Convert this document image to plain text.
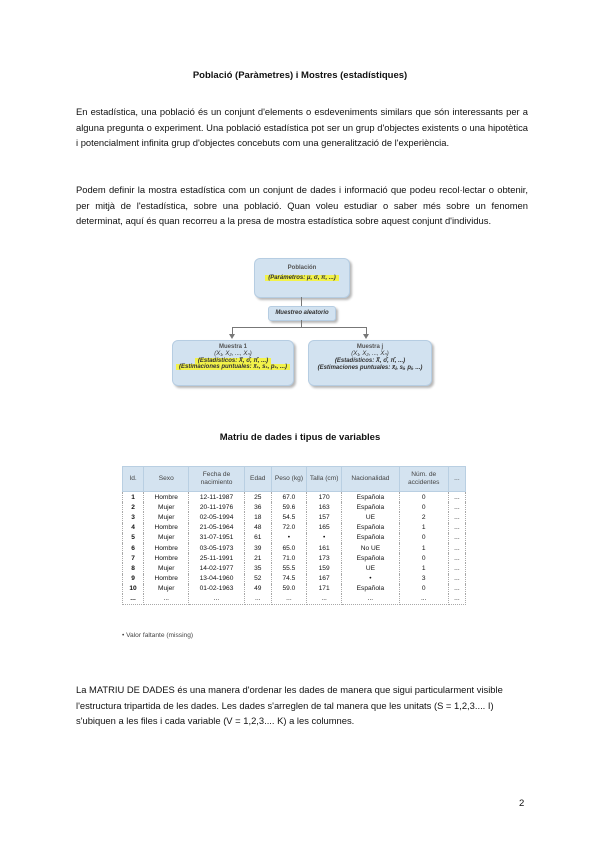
Població (Paràmetres) i Mostres (estadístiques)
En estadística, una població és un conjunt d'elements o esdeveniments similars que són interessants per a alguna pregunta o experiment. Una població estadística pot ser un grup d'objectes existents o una hipotètica i potencialment infinita grup d'objectes concebuts com una generalització de l'experiència.
Podem definir la mostra estadística com un conjunt de dades i informació que podeu recol·lectar o obtenir, per mitjà de l'estadística, sobre una població. Quan voleu estudiar o saber més sobre un fenomen determinat, aquí és quan recorreu a la presa de mostra estadística sobre aquest conjunt d'individus.
Población
(Parámetros: μ, σ, π, ...)
Muestreo aleatorio
Muestra 1
(X₁, X₂, ..., Xₙ)
(Estadísticos: X̄, σ̂, π̂, ...)
(Estimaciones puntuales: x̄₁, s₁, p₁, ...)
Muestra j
(X₁, X₂, ..., Xₙ)
(Estadísticos: X̄, σ̂, π̂, ...)
(Estimaciones puntuales: x̄ⱼ, sⱼ, pⱼ, ...)
Matriu de dades i tipus de variables
Id.	Sexo	Fecha de nacimiento	Edad	Peso (kg)	Talla (cm)	Nacionalidad	Núm. de accidentes	...
1	Hombre	12-11-1987	25	67.0	170	Española	0	...
2	Mujer	20-11-1976	36	59.6	163	Española	0	...
3	Mujer	02-05-1994	18	54.5	157	UE	2	...
4	Hombre	21-05-1964	48	72.0	165	Española	1	...
5	Mujer	31-07-1951	61	•	•	Española	0	...
6	Hombre	03-05-1973	39	65.0	161	No UE	1	...
7	Hombre	25-11-1991	21	71.0	173	Española	0	...
8	Mujer	14-02-1977	35	55.5	159	UE	1	...
9	Hombre	13-04-1960	52	74.5	167	•	3	...
10	Mujer	01-02-1963	49	59.0	171	Española	0	...
...	...	...	...	...	...	...	...	...
• Valor faltante (missing)
La MATRIU DE DADES és una manera d'ordenar les dades de manera que sigui particularment visible l'estructura tripartida de les dades. Les dades s'arreglen de tal manera que les unitats (S = 1,2,3.... I) s'ubiquen a les files i cada variable (V = 1,2,3.... K) a les columnes.
2
